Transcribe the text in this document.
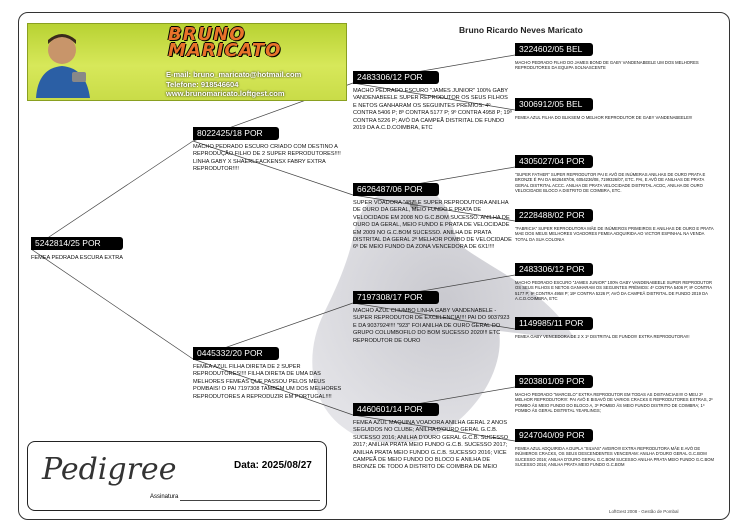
BRUNO
MARICATO
E-mail: bruno_maricato@hotmail.com
Telefone: 918546604
www.brunomaricato.loftgest.com
Bruno Ricardo Neves Maricato
5242814/25 POR
FEMEA PEDRADA ESCURA EXTRA
8022425/18 POR
MACHO PEDRADO ESCURO CRIADO COM DESTINO A REPRODUÇÃO FILHO DE 2 SUPER REPRODUTORES!!!! LINHA GABY X SHAERLEACKENSX FABRY EXTRA REPRODUTOR!!!!
0445332/20 POR
FEMEA AZUL FILHA DIRETA DE 2 SUPER REPRODUTORES!!!! FILHA DIRETA DE UMA DAS MELHORES FEMEAS QUE PASSOU PELOS MEUS POMBAIS! O PAI 7197308 TAMBÉM UM DOS MELHORES REPRODUTORES A REPRODUZIR EM PORTUGAL!!!!
2483306/12 POR
MACHO PEDRADO ESCURO "JAMES JUNIOR" 100% GABY VANDENABEELE SUPER REPRODUTOR OS SEUS FILHOS E NETOS GANHARAM OS SEGUINTES PRÉMIOS: 4º CONTRA 5406 P; 8º CONTRA 5177 P; 9º CONTRA 4958 P; 19º CONTRA 5226 P; AVÓ DA CAMPEÃ DISTRITAL DE FUNDO 2019 DA A.C.D.COIMBRA, ETC
6626487/06 POR
SUPER VOADORA "487" E SUPER REPRODUTORA ANILHA DE OURO DA GERAL, MEIO FUNDO E PRATA DE VELOCIDADE EM 2008 NO G.C.BOM SUCESSO. ANILHA DE OURO DA GERAL, MEIO FUNDO E PRATA DE VELOCIDADE EM 2009 NO G.C.BOM SUCESSO. ANILHA DE PRATA DISTRITAL DA GERAL 2º MELHOR POMBO DE VELOCIDADE 6º DE MEIO FUNDO DA ZONA VENCEDORA DE 6X1!!!!
7197308/17 POR
MACHO AZUL CHUMBO LINHA GABY VANDENABELE - SUPER REPRODUTOR DE EXCELENCIA!!!! PAI DO 9037923 E DA 9037924!!!! "923" FOI ANILHA DE OURO GERAL DO GRUPO COLUMBOFILO DO BOM SUCESSO 2020!!! ETC REPRODUTOR DE OURO
4460601/14 POR
FEMEA AZUL MAQUINA VOADORA ANILHA GERAL 2 ANOS SEGUIDOS NO CLUBE; ANILHA D'OURO GERAL G.C.B. SUCESSO 2016; ANILHA D'OURO GERAL G.C.B. SUCESSO 2017; ANILHA PRATA MEIO FUNDO G.C.B. SUCESSO 2017; ANILHA PRATA MEIO FUNDO G.C.B. SUCESSO 2016; VICE CAMPEÃ DE MEIO FUNDO DO BLOCO E ANILHA DE BRONZE DE TODO A DISTRITO DE COIMBRA DE MEIO
3224602/05 BEL
MACHO PEDRADO FILHO DO JAMES BOND DE GABY VANDENABEELE UM DOS MELHORES REPRODUTORES DA EQUIPA SOLNASCENTE
3006912/05 BEL
FEMEA AZUL FILHA DO BLIKSEM O MELHOR REPRODUTOR DE GABY VANDENABEELE!!!
4305027/04 POR
"SUPER FATHER" SUPER REPRODUTOR PAI E AVÔ DE INÚMERAS ANILHAS DE OURO PRATA E BRONZE É PAI DA 6626487/06, 6054236/08, 7199326/07, ETC. PAI, E AVÔ DE ANILHAS DE PRATA GERAL DISTRITAL ACCC. ANILHA DE PRATA VELOCIDADE DISTRITAL ACDC, ANILHA DE OURO VELOCIDADE BLOCO A DISTRITO DE COIMBRA, ETC.
2228488/02 POR
"FABRICIA" SUPER REPRODUTORA MÃE DE INÚMEROS PRIMEIROS E ANILHAS DE OURO E PRATA MAE DOS MEUS MELHORES VOADORES FEMEA ADQUIRIDA AO VICTOR ESPINHAL NA VENDA TOTAL DA SUA COLONIA
2483306/12 POR
MACHO PEDRADO ESCURO "JAMES JUNIOR" 100% GABY VANDENABEELE SUPER REPRODUTOR OS SEUS FILHOS E NETOS GANHARAM OS SEGUINTES PRÉMIOS: 4º CONTRA 5406 P; 8º CONTRA 5177 P; 9º CONTRA 4958 P; 19º CONTRA 5226 P; AVÓ DA CAMPEÃ DISTRITAL DE FUNDO 2019 DA A.C.D.COIMBRA, ETC
1149985/11 POR
FEMEA GABY VENCEDORA DE 2 X 1º DISTRITAL DE FUNDO!!! EXTRA REPRODUTORA!!!
9203801/09 POR
MACHO PEDRADO "MARCELO" EXTRA REPRODUTOR EM TODAS AS DISTANCIAS!!!! O MEU 2º MELHOR REPRODUTOR!!!: PAI AVÔ E BISAVÔ DE VARIOS CRACKS E REPRODUTORES EXTRAS, 2º POMBO ÁS MEIO FUNDO DO BLOCO A, 3º POMBO ÁS MEIO FUNDO DISTRITO DE COIMBRA; 1º POMBO ÁS GERAL DISTRITAL YEARLINGS;
9247040/09 POR
FEMEA AZUL ADQUIRIDA A DUPLA "SILVAS" AVEIRO!!! EXTRA REPRODUTORA MÃE E AVÓ DE INÚMEROS CRACKS, OS SEUS DESCENDENTES VENCERAM: ANILHA D'OURO GERAL G.C.BOM SUCESSO 2016; ANILHA D'OURO GERAL G.C.BOM SUCESSO ANILHA PRATA MEIO FUNDO G.C.BOM SUCESSO 2016; ANILHA PRATA MEIO FUNDO G.C.BOM
Pedigree	Data: 2025/08/27
Assinatura
LoftGest 2008 - Gestão de Pombal
